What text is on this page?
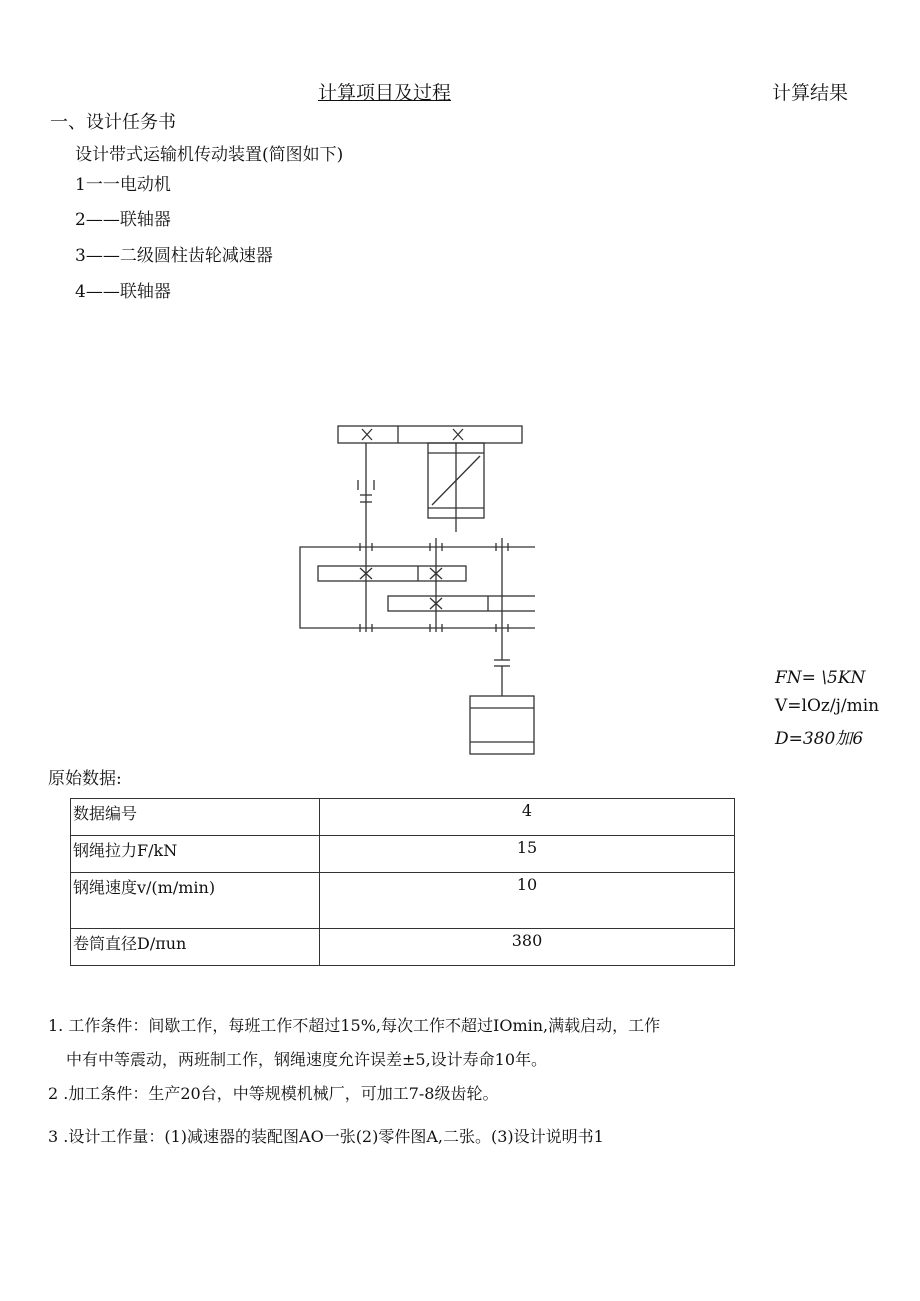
计算项目及过程	计算结果
一、设计任务书
设计带式运输机传动装置(简图如下)
1一一电动机
2——联轴器
3——二级圆柱齿轮减速器
4——联轴器
FN= \5KN
V=lOz/j/min
D=380加6
原始数据:
数据编号	4
钢绳拉力F/kN	15
钢绳速度v/(m/min)	10
卷筒直径D/πun	380
1. 工作条件：间歇工作，每班工作不超过15%,每次工作不超过IOmin,满载启动，工作
中有中等震动，两班制工作，钢绳速度允许误差±5,设计寿命10年。
2 .加工条件：生产20台，中等规模机械厂，可加工7-8级齿轮。
3 .设计工作量：(1)减速器的装配图AO一张(2)零件图A,二张。(3)设计说明书1
